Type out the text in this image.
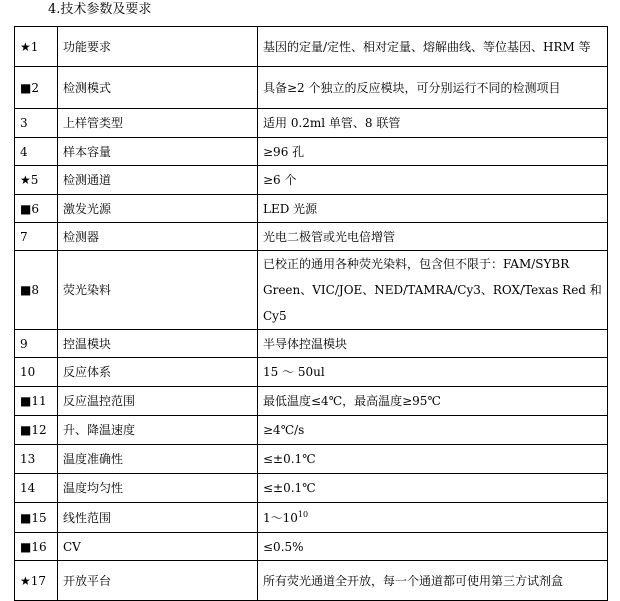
4.技术参数及要求
★1	功能要求	基因的定量/定性、相对定量、熔解曲线、等位基因、HRM 等
■2	检测模式	具备≥2 个独立的反应模块，可分别运行不同的检测项目
3	上样管类型	适用 0.2ml 单管、8 联管
4	样本容量	≥96 孔
★5	检测通道	≥6 个
■6	激发光源	LED 光源
7	检测器	光电二极管或光电倍增管
■8	荧光染料	已校正的通用各种荧光染料，包含但不限于：FAM/SYBR Green、VIC/JOE、NED/TAMRA/Cy3、ROX/Texas Red 和 Cy5
9	控温模块	半导体控温模块
10	反应体系	15 ～ 50ul
■11	反应温控范围	最低温度≤4℃，最高温度≥95℃
■12	升、降温速度	≥4℃/s
13	温度准确性	≤±0.1℃
14	温度均匀性	≤±0.1℃
■15	线性范围	$1\sim 10^{10}$
■16	CV	≤0.5%
★17	开放平台	所有荧光通道全开放，每一个通道都可使用第三方试剂盒
